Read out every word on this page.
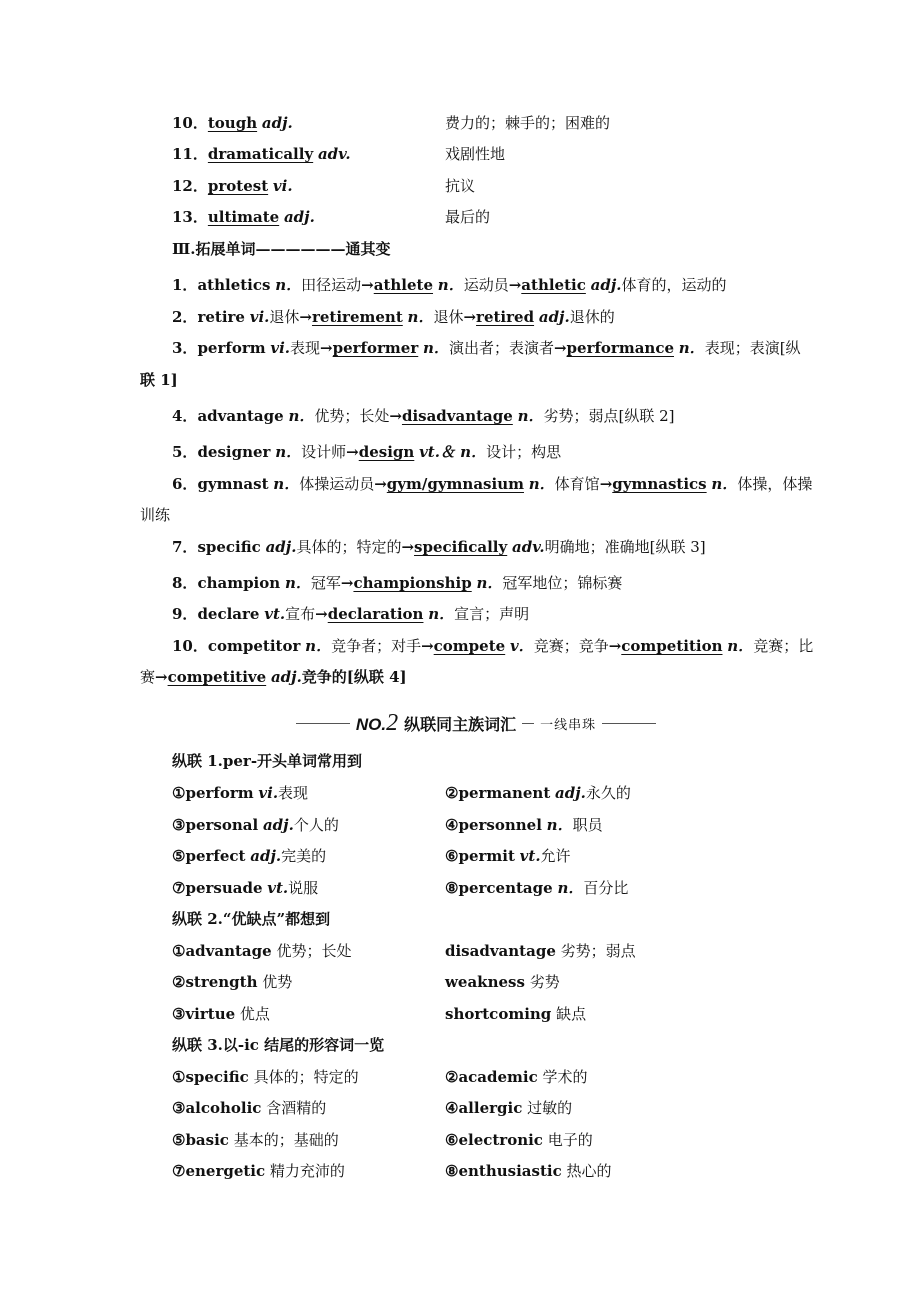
10．tough adj.	费力的；棘手的；困难的
11．dramatically adv.	戏剧性地
12．protest vi.	抗议
13．ultimate adj.	最后的
Ⅲ.拓展单词——————通其变
1．athletics n．田径运动→athlete n．运动员→athletic adj.体育的，运动的
2．retire vi.退休→retirement n．退休→retired adj.退休的
3．perform vi.表现→performer n．演出者；表演者→performance n．表现；表演[纵
联 1]
4．advantage n．优势；长处→disadvantage n．劣势；弱点[纵联 2]
5．designer n．设计师→design vt.＆ n．设计；构思
6．gymnast n．体操运动员→gym/gymnasium n．体育馆→gymnastics n．体操，体操
训练
7．specific adj.具体的；特定的→specifically adv.明确地；准确地[纵联 3]
8．champion n．冠军→championship n．冠军地位；锦标赛
9．declare vt.宣布→declaration n．宣言；声明
10．competitor n．竞争者；对手→compete v．竞赛；竞争→competition n．竞赛；比
赛→competitive adj.竞争的[纵联 4]
NO.2 纵联同主族词汇 一线串珠
纵联 1.per-开头单词常用到
①perform vi.表现	②permanent adj.永久的
③personal adj.个人的	④personnel n．职员
⑤perfect adj.完美的	⑥permit vt.允许
⑦persuade vt.说服	⑧percentage n．百分比
纵联 2.“优缺点”都想到
①advantage 优势；长处	disadvantage 劣势；弱点
②strength 优势	weakness 劣势
③virtue 优点	shortcoming 缺点
纵联 3.以-ic 结尾的形容词一览
①specific 具体的；特定的	②academic 学术的
③alcoholic 含酒精的	④allergic 过敏的
⑤basic 基本的；基础的	⑥electronic 电子的
⑦energetic 精力充沛的	⑧enthusiastic 热心的
